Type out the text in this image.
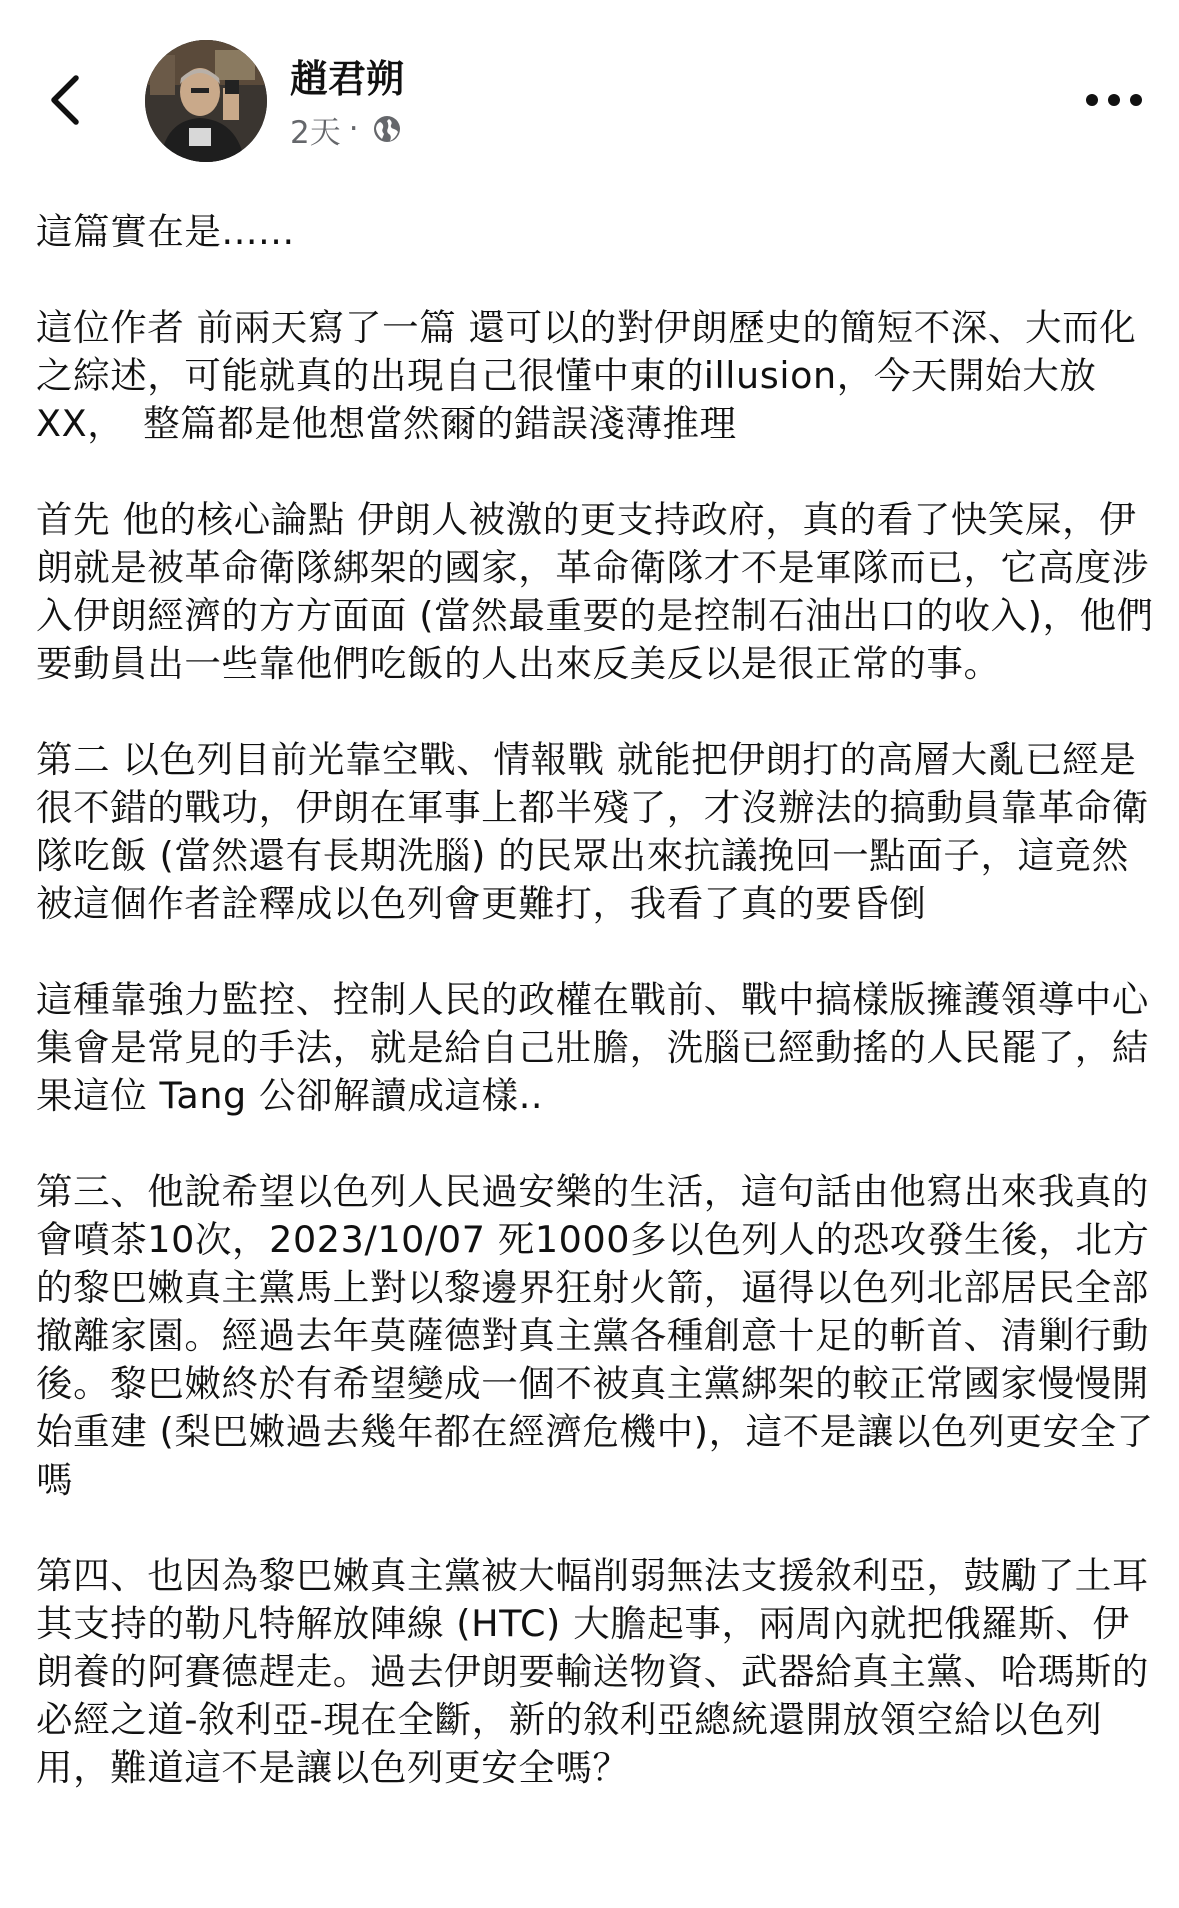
趙君朔
2天 ·

這篇實在是......

這位作者 前兩天寫了一篇 還可以的對伊朗歷史的簡短不深、大而化之綜述，可能就真的出現自己很懂中東的illusion，今天開始大放XX，　整篇都是他想當然爾的錯誤淺薄推理

首先 他的核心論點 伊朗人被激的更支持政府，真的看了快笑屎，伊朗就是被革命衛隊綁架的國家，革命衛隊才不是軍隊而已，它高度涉入伊朗經濟的方方面面 (當然最重要的是控制石油出口的收入)，他們要動員出一些靠他們吃飯的人出來反美反以是很正常的事。

第二 以色列目前光靠空戰、情報戰 就能把伊朗打的高層大亂已經是很不錯的戰功，伊朗在軍事上都半殘了，才沒辦法的搞動員靠革命衛隊吃飯 (當然還有長期洗腦) 的民眾出來抗議挽回一點面子，這竟然被這個作者詮釋成以色列會更難打，我看了真的要昏倒

這種靠強力監控、控制人民的政權在戰前、戰中搞樣版擁護領導中心集會是常見的手法，就是給自己壯膽，洗腦已經動搖的人民罷了，結果這位 Tang 公卻解讀成這樣..

第三、他說希望以色列人民過安樂的生活，這句話由他寫出來我真的會噴茶10次，2023/10/07 死1000多以色列人的恐攻發生後，北方的黎巴嫩真主黨馬上對以黎邊界狂射火箭，逼得以色列北部居民全部撤離家園。經過去年莫薩德對真主黨各種創意十足的斬首、清剿行動後。黎巴嫩終於有希望變成一個不被真主黨綁架的較正常國家慢慢開始重建 (梨巴嫩過去幾年都在經濟危機中)，這不是讓以色列更安全了嗎

第四、也因為黎巴嫩真主黨被大幅削弱無法支援敘利亞，鼓勵了土耳其支持的勒凡特解放陣線 (HTC) 大膽起事，兩周內就把俄羅斯、伊朗養的阿賽德趕走。過去伊朗要輸送物資、武器給真主黨、哈瑪斯的必經之道-敘利亞-現在全斷，新的敘利亞總統還開放領空給以色列用，難道這不是讓以色列更安全嗎？
